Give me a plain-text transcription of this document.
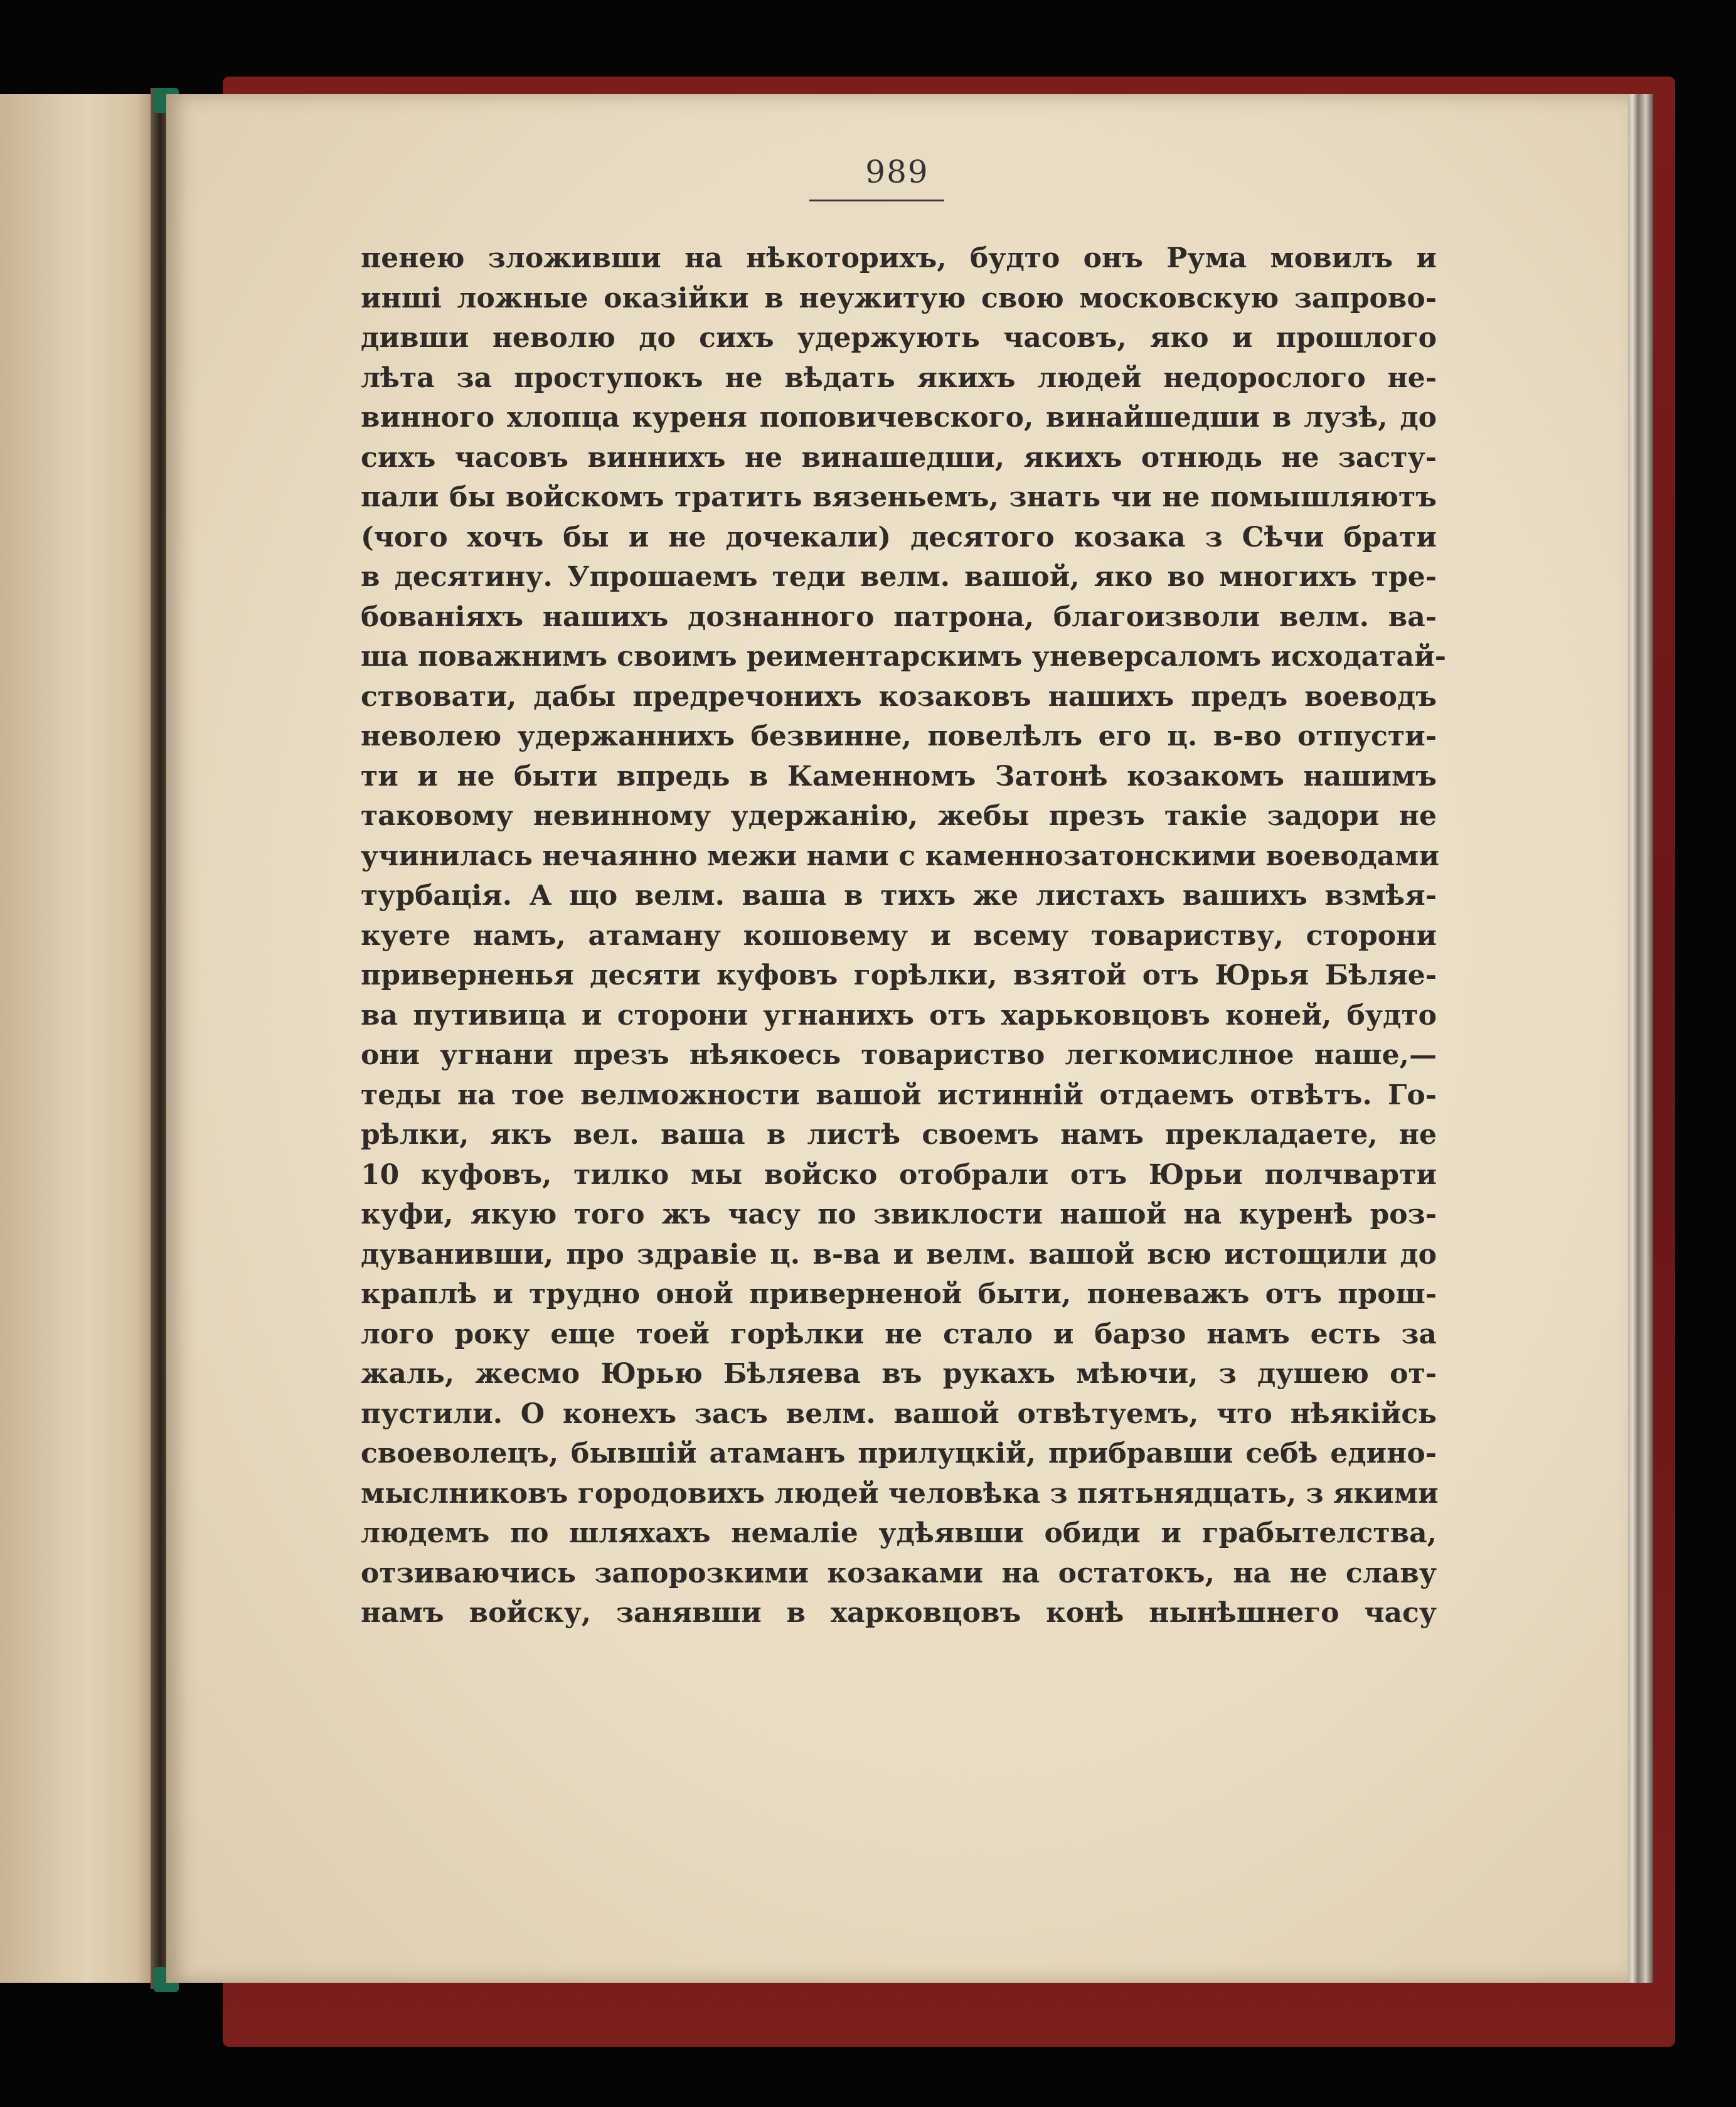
989
пенею зложивши на нѣкоторихъ, будто онъ Рума мовилъ и
инші ложные оказійки в неужитую свою московскую запрово-
дивши неволю до сихъ удержують часовъ, яко и прошлого
лѣта за проступокъ не вѣдать якихъ людей недорослого не-
винного хлопца куреня поповичевского, винайшедши в лузѣ, до
сихъ часовъ виннихъ не винашедши, якихъ отнюдь не засту-
пали бы войскомъ тратить вязеньемъ, знать чи не помышляютъ
(чого хочъ бы и не дочекали) десятого козака з Сѣчи брати
в десятину. Упрошаемъ теди велм. вашой, яко во многихъ тре-
бованіяхъ нашихъ дознанного патрона, благоизволи велм. ва-
ша поважнимъ своимъ реиментарскимъ уневерсаломъ исходатай-
ствовати, дабы предречонихъ козаковъ нашихъ предъ воеводъ
неволею удержаннихъ безвинне, повелѣлъ его ц. в-во отпусти-
ти и не быти впредь в Каменномъ Затонѣ козакомъ нашимъ
таковому невинному удержанію, жебы презъ такіе задори не
учинилась нечаянно межи нами с каменнозатонскими воеводами
турбація. А що велм. ваша в тихъ же листахъ вашихъ взмѣя-
куете намъ, атаману кошовему и всему товариству, сторони
приверненья десяти куфовъ горѣлки, взятой отъ Юрья Бѣляе-
ва путивица и сторони угнанихъ отъ харьковцовъ коней, будто
они угнани презъ нѣякоесь товариство легкомислное наше,—
теды на тое велможности вашой истинній отдаемъ отвѣтъ. Го-
рѣлки, якъ вел. ваша в листѣ своемъ намъ прекладаете, не
10 куфовъ, тилко мы войско отобрали отъ Юрьи полчварти
куфи, якую того жъ часу по звиклости нашой на куренѣ роз-
дуванивши, про здравіе ц. в-ва и велм. вашой всю истощили до
краплѣ и трудно оной приверненой быти, поневажъ отъ прош-
лого року еще тоей горѣлки не стало и барзо намъ есть за
жаль, жесмо Юрью Бѣляева въ рукахъ мѣючи, з душею от-
пустили. О конехъ засъ велм. вашой отвѣтуемъ, что нѣякійсь
своеволецъ, бывшій атаманъ прилуцкій, прибравши себѣ едино-
мыслниковъ городовихъ людей человѣка з пятьнядцать, з якими
людемъ по шляхахъ немаліе удѣявши обиди и грабытелства,
отзиваючись запорозкими козаками на остатокъ, на не славу
намъ войску, занявши в харковцовъ конѣ нынѣшнего часу
